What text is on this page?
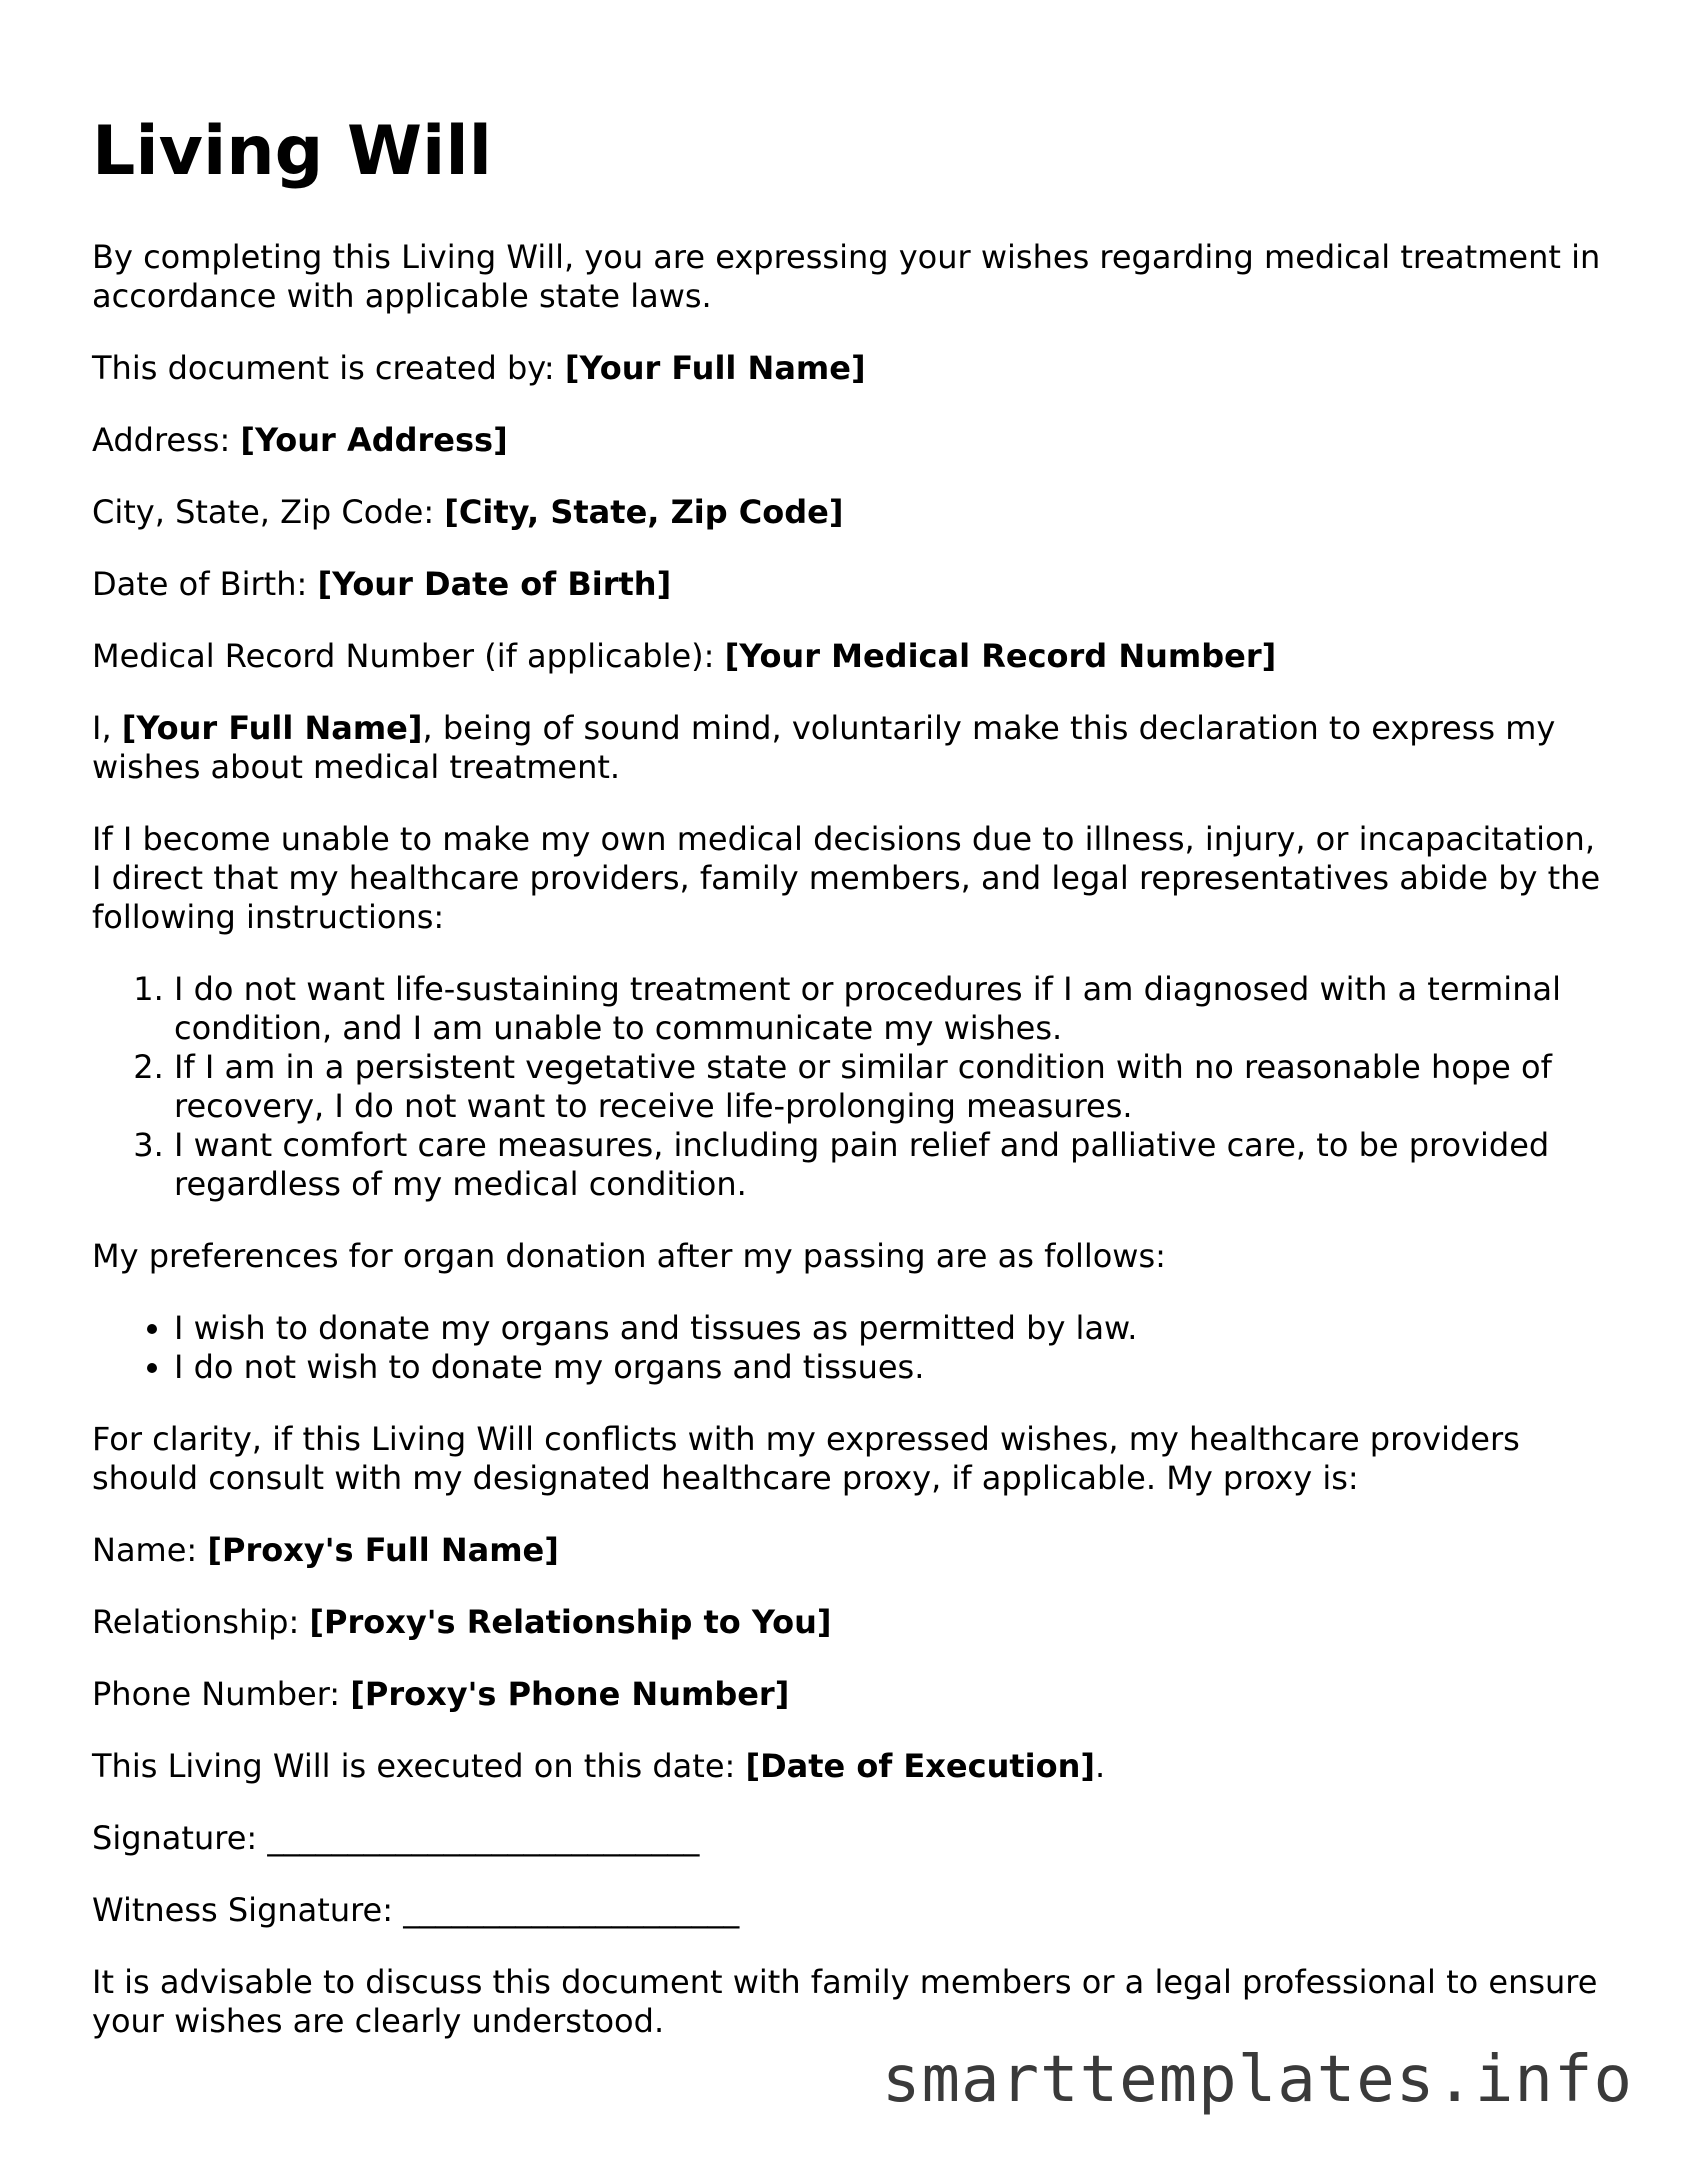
Living Will

By completing this Living Will, you are expressing your wishes regarding medical treatment in accordance with applicable state laws.

This document is created by: [Your Full Name]

Address: [Your Address]

City, State, Zip Code: [City, State, Zip Code]

Date of Birth: [Your Date of Birth]

Medical Record Number (if applicable): [Your Medical Record Number]

I, [Your Full Name], being of sound mind, voluntarily make this declaration to express my wishes about medical treatment.

If I become unable to make my own medical decisions due to illness, injury, or incapacitation, I direct that my healthcare providers, family members, and legal representatives abide by the following instructions:

1. I do not want life-sustaining treatment or procedures if I am diagnosed with a terminal condition, and I am unable to communicate my wishes.
2. If I am in a persistent vegetative state or similar condition with no reasonable hope of recovery, I do not want to receive life-prolonging measures.
3. I want comfort care measures, including pain relief and palliative care, to be provided regardless of my medical condition.

My preferences for organ donation after my passing are as follows:

• I wish to donate my organs and tissues as permitted by law.
• I do not wish to donate my organs and tissues.

For clarity, if this Living Will conflicts with my expressed wishes, my healthcare providers should consult with my designated healthcare proxy, if applicable. My proxy is:

Name: [Proxy's Full Name]

Relationship: [Proxy's Relationship to You]

Phone Number: [Proxy's Phone Number]

This Living Will is executed on this date: [Date of Execution].

Signature: ___________________________

Witness Signature: _____________________

It is advisable to discuss this document with family members or a legal professional to ensure your wishes are clearly understood.

smarttemplates.info
